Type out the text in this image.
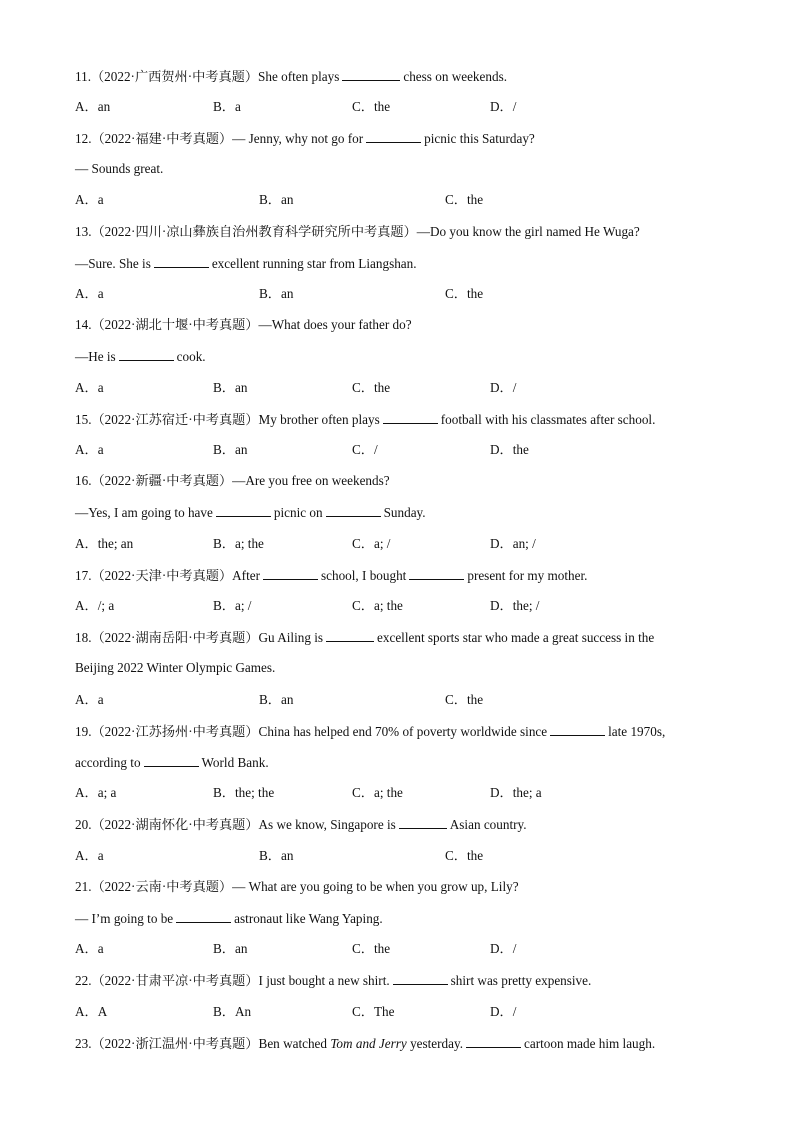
11.（2022·广西贺州·中考真题）She often plays	chess on weekends.
A．an	B．a	C．the	D．/
12.（2022·福建·中考真题）— Jenny, why not go for	picnic this Saturday?
— Sounds great.
A．a	B．an	C．the
13.（2022·四川·凉山彝族自治州教育科学研究所中考真题）—Do you know the girl named He Wuga?
—Sure. She is	excellent running star from Liangshan.
A．a	B．an	C．the
14.（2022·湖北十堰·中考真题）—What does your father do?
—He is	cook.
A．a	B．an	C．the	D．/
15.（2022·江苏宿迁·中考真题）My brother often plays	football with his classmates after school.
A．a	B．an	C．/	D．the
16.（2022·新疆·中考真题）—Are you free on weekends?
—Yes, I am going to have	picnic on	Sunday.
A．the; an	B．a; the	C．a; /	D．an; /
17.（2022·天津·中考真题）After	school, I bought	present for my mother.
A．/; a	B．a; /	C．a; the	D．the; /
18.（2022·湖南岳阳·中考真题）Gu Ailing is	excellent sports star who made a great success in the
Beijing 2022 Winter Olympic Games.
A．a	B．an	C．the
19.（2022·江苏扬州·中考真题）China has helped end 70% of poverty worldwide since	late 1970s,
according to	World Bank.
A．a; a	B．the; the	C．a; the	D．the; a
20.（2022·湖南怀化·中考真题）As we know, Singapore is	Asian country.
A．a	B．an	C．the
21.（2022·云南·中考真题）— What are you going to be when you grow up, Lily?
— I’m going to be	astronaut like Wang Yaping.
A．a	B．an	C．the	D．/
22.（2022·甘肃平凉·中考真题）I just bought a new shirt.	shirt was pretty expensive.
A．A	B．An	C．The	D．/
23.（2022·浙江温州·中考真题）Ben watched Tom and Jerry yesterday.	cartoon made him laugh.
